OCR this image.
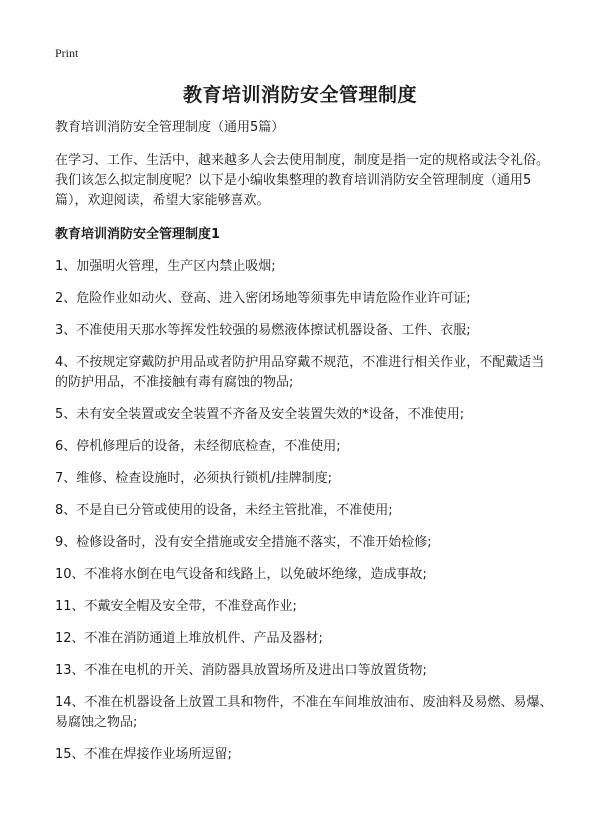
Print
教育培训消防安全管理制度

教育培训消防安全管理制度（通用5篇）

在学习、工作、生活中，越来越多人会去使用制度，制度是指一定的规格或法令礼俗。我们该怎么拟定制度呢？以下是小编收集整理的教育培训消防安全管理制度（通用5篇），欢迎阅读，希望大家能够喜欢。

教育培训消防安全管理制度1

1、加强明火管理，生产区内禁止吸烟;
2、危险作业如动火、登高、进入密闭场地等须事先申请危险作业许可证;
3、不准使用天那水等挥发性较强的易燃液体擦试机器设备、工件、衣服;
4、不按规定穿戴防护用品或者防护用品穿戴不规范，不准进行相关作业，不配戴适当的防护用品，不准接触有毒有腐蚀的物品;
5、未有安全装置或安全装置不齐备及安全装置失效的*设备，不准使用;
6、停机修理后的设备，未经彻底检查，不准使用;
7、维修、检查设施时，必须执行锁机/挂牌制度;
8、不是自已分管或使用的设备，未经主管批准，不准使用;
9、检修设备时，没有安全措施或安全措施不落实，不准开始检修;
10、不准将水倒在电气设备和线路上，以免破坏绝缘，造成事故;
11、不戴安全帽及安全带，不准登高作业;
12、不准在消防通道上堆放机件、产品及器材;
13、不准在电机的开关、消防器具放置场所及进出口等放置货物;
14、不准在机器设备上放置工具和物件，不准在车间堆放油布、废油料及易燃、易爆、易腐蚀之物品;
15、不准在焊接作业场所逗留;
